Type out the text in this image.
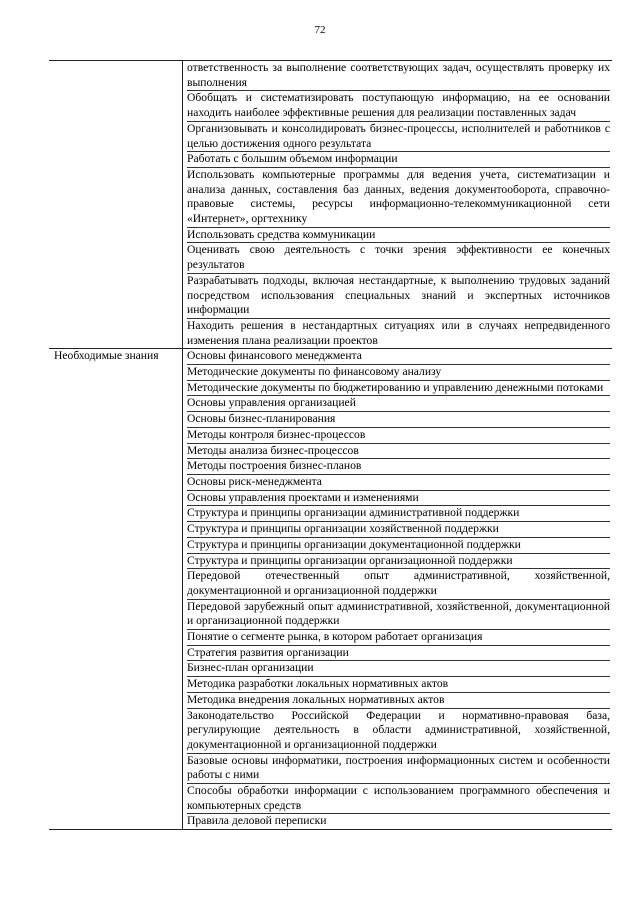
72
ответственность за выполнение соответствующих задач, осуществлять проверку их выполнения
Обобщать и систематизировать поступающую информацию, на ее основании находить наиболее эффективные решения для реализации поставленных задач
Организовывать и консолидировать бизнес-процессы, исполнителей и работников с целью достижения одного результата
Работать с большим объемом информации
Использовать компьютерные программы для ведения учета, систематизации и анализа данных, составления баз данных, ведения документооборота, справочно-правовые системы, ресурсы информационно-телекоммуникационной сети «Интернет», оргтехнику
Использовать средства коммуникации
Оценивать свою деятельность с точки зрения эффективности ее конечных результатов
Разрабатывать подходы, включая нестандартные, к выполнению трудовых заданий посредством использования специальных знаний и экспертных источников информации
Находить решения в нестандартных ситуациях или в случаях непредвиденного изменения плана реализации проектов
Необходимые знания	Основы финансового менеджмента
Методические документы по финансовому анализу
Методические документы по бюджетированию и управлению денежными потоками
Основы управления организацией
Основы бизнес-планирования
Методы контроля бизнес-процессов
Методы анализа бизнес-процессов
Методы построения бизнес-планов
Основы риск-менеджмента
Основы управления проектами и изменениями
Структура и принципы организации административной поддержки
Структура и принципы организации хозяйственной поддержки
Структура и принципы организации документационной поддержки
Структура и принципы организации организационной поддержки
Передовой отечественный опыт административной, хозяйственной, документационной и организационной поддержки
Передовой зарубежный опыт административной, хозяйственной, документационной и организационной поддержки
Понятие о сегменте рынка, в котором работает организация
Стратегия развития организации
Бизнес-план организации
Методика разработки локальных нормативных актов
Методика внедрения локальных нормативных актов
Законодательство Российской Федерации и нормативно-правовая база, регулирующие деятельность в области административной, хозяйственной, документационной и организационной поддержки
Базовые основы информатики, построения информационных систем и особенности работы с ними
Способы обработки информации с использованием программного обеспечения и компьютерных средств
Правила деловой переписки
